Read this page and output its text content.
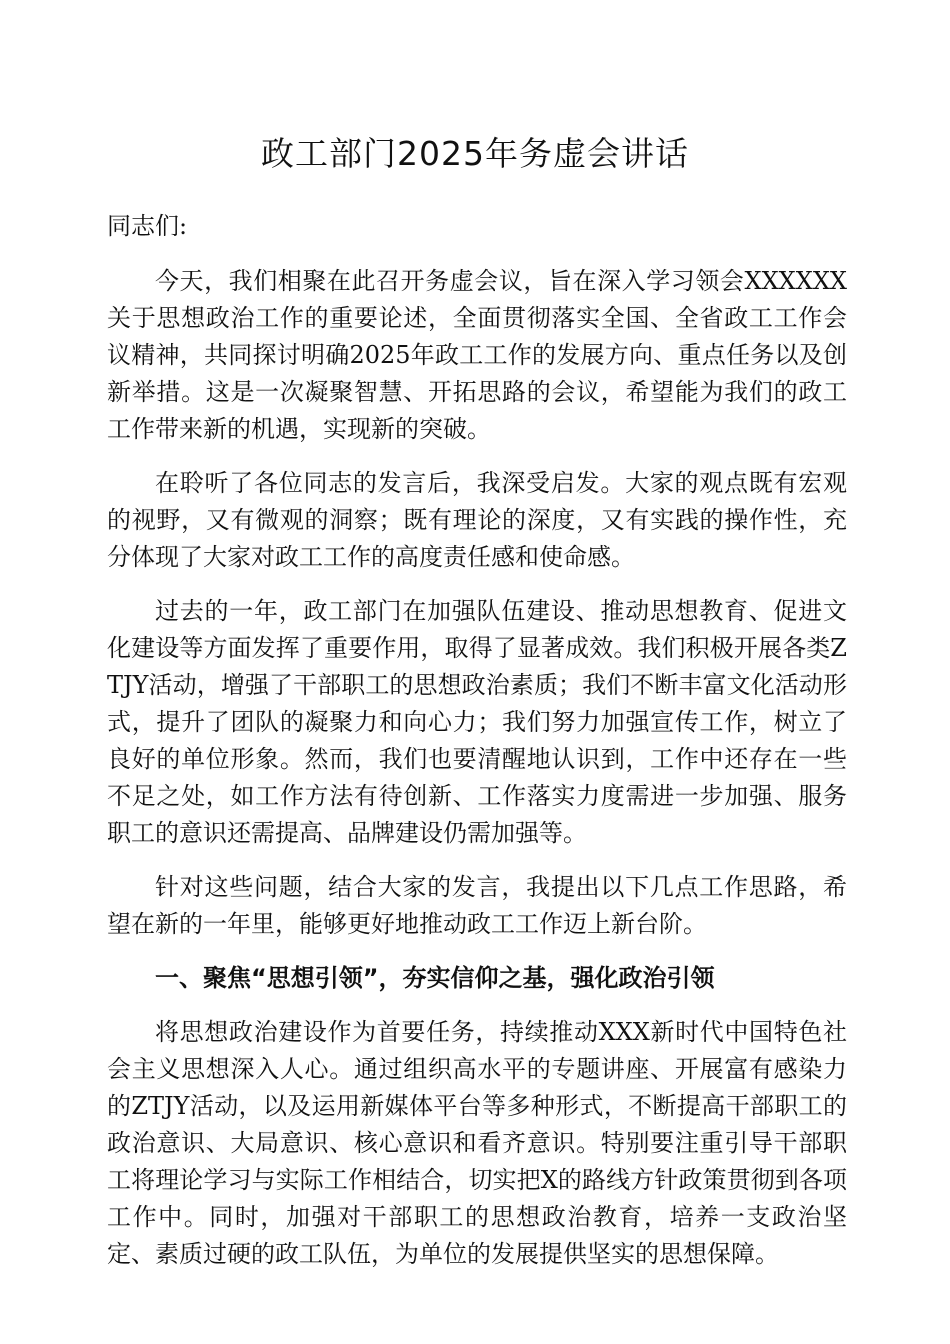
政工部门2025年务虚会讲话

同志们:

今天，我们相聚在此召开务虚会议，旨在深入学习领会XXXXXX关于思想政治工作的重要论述，全面贯彻落实全国、全省政工工作会议精神，共同探讨明确2025年政工工作的发展方向、重点任务以及创新举措。这是一次凝聚智慧、开拓思路的会议，希望能为我们的政工工作带来新的机遇，实现新的突破。

在聆听了各位同志的发言后，我深受启发。大家的观点既有宏观的视野，又有微观的洞察；既有理论的深度，又有实践的操作性，充分体现了大家对政工工作的高度责任感和使命感。

过去的一年，政工部门在加强队伍建设、推动思想教育、促进文化建设等方面发挥了重要作用，取得了显著成效。我们积极开展各类ZTJY活动，增强了干部职工的思想政治素质；我们不断丰富文化活动形式，提升了团队的凝聚力和向心力；我们努力加强宣传工作，树立了良好的单位形象。然而，我们也要清醒地认识到，工作中还存在一些不足之处，如工作方法有待创新、工作落实力度需进一步加强、服务职工的意识还需提高、品牌建设仍需加强等。

针对这些问题，结合大家的发言，我提出以下几点工作思路，希望在新的一年里，能够更好地推动政工工作迈上新台阶。

一、聚焦“思想引领”，夯实信仰之基，强化政治引领

将思想政治建设作为首要任务，持续推动XXX新时代中国特色社会主义思想深入人心。通过组织高水平的专题讲座、开展富有感染力的ZTJY活动，以及运用新媒体平台等多种形式，不断提高干部职工的政治意识、大局意识、核心意识和看齐意识。特别要注重引导干部职工将理论学习与实际工作相结合，切实把X的路线方针政策贯彻到各项工作中。同时，加强对干部职工的思想政治教育，培养一支政治坚定、素质过硬的政工队伍，为单位的发展提供坚实的思想保障。
